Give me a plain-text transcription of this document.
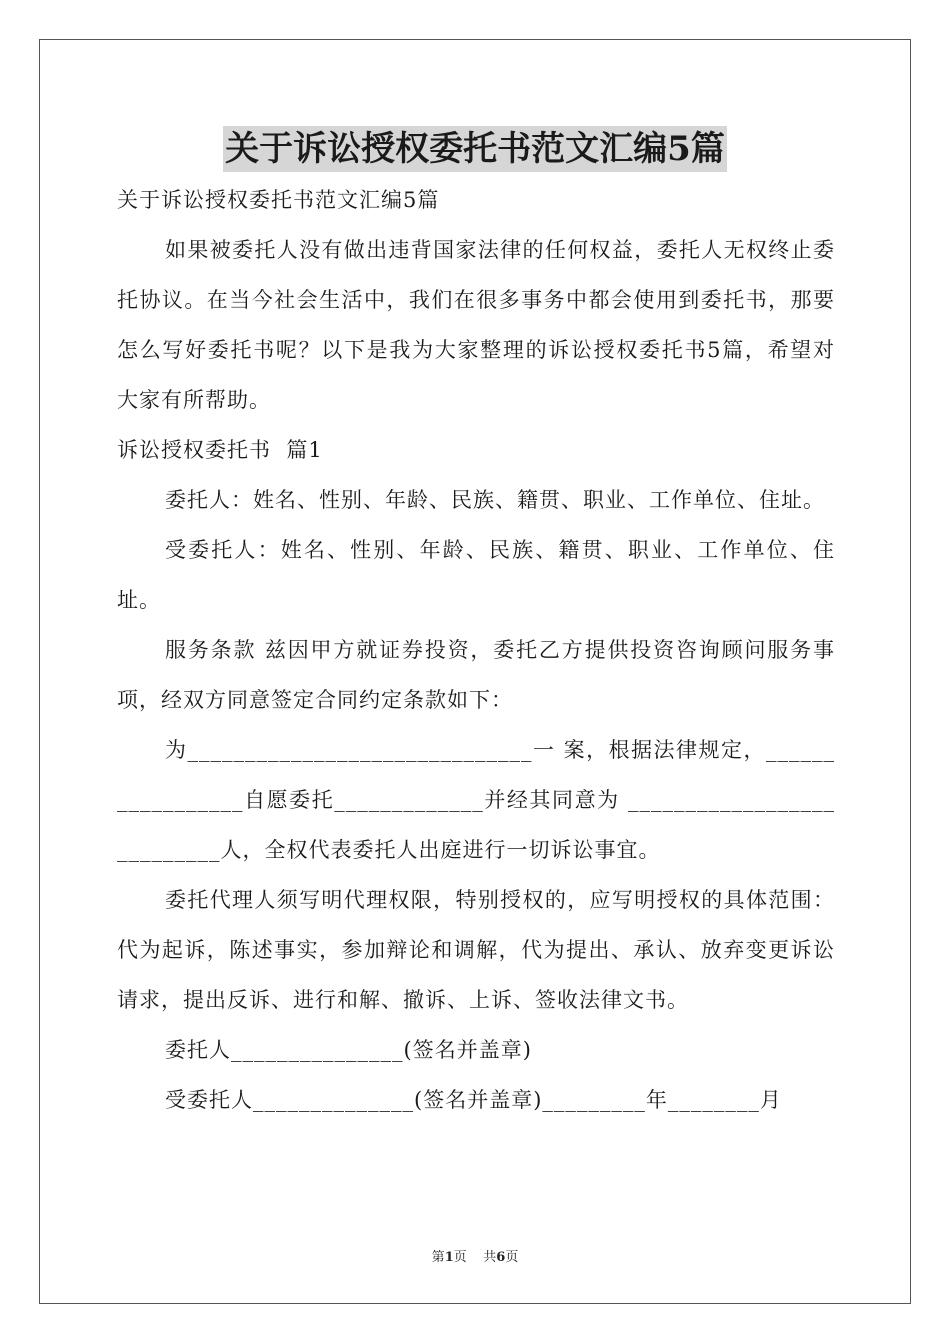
关于诉讼授权委托书范文汇编5篇

关于诉讼授权委托书范文汇编5篇

如果被委托人没有做出违背国家法律的任何权益，委托人无权终止委托协议。在当今社会生活中，我们在很多事务中都会使用到委托书，那要怎么写好委托书呢？以下是我为大家整理的诉讼授权委托书5篇，希望对大家有所帮助。

诉讼授权委托书  篇1

委托人：姓名、性别、年龄、民族、籍贯、职业、工作单位、住址。

受委托人：姓名、性别、年龄、民族、籍贯、职业、工作单位、住址。

服务条款 兹因甲方就证券投资，委托乙方提供投资咨询顾问服务事项，经双方同意签定合同约定条款如下：

为______________________________一 案，根据法律规定，_________________自愿委托_____________并经其同意为 ___________________________人，全权代表委托人出庭进行一切诉讼事宜。

委托代理人须写明代理权限，特别授权的，应写明授权的具体范围：代为起诉，陈述事实，参加辩论和调解，代为提出、承认、放弃变更诉讼请求，提出反诉、进行和解、撤诉、上诉、签收法律文书。

委托人_______________(签名并盖章)

受委托人______________(签名并盖章)_________年________月

第1页    共6页
